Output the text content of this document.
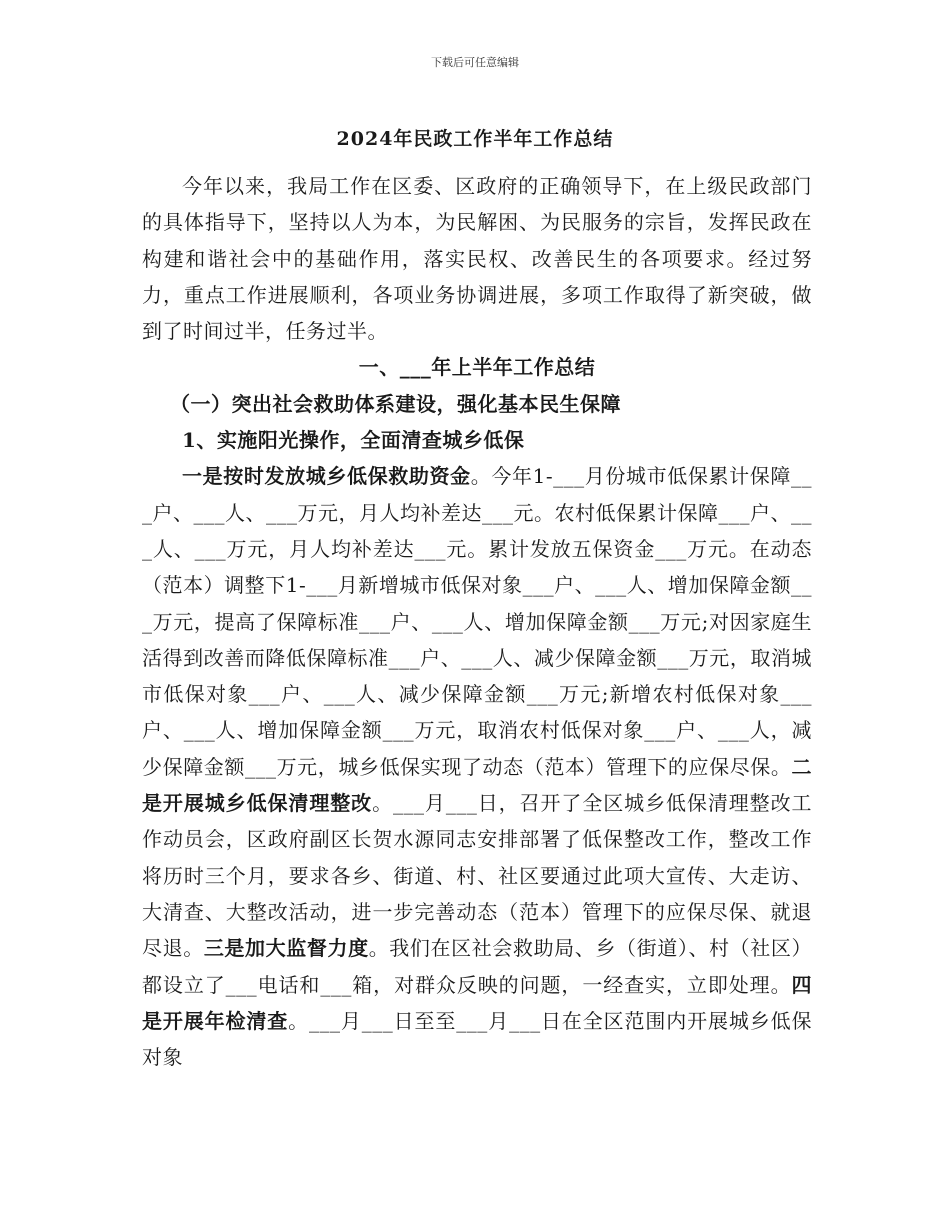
下载后可任意编辑
2024年民政工作半年工作总结

今年以来，我局工作在区委、区政府的正确领导下，在上级民政部门的具体指导下，坚持以人为本，为民解困、为民服务的宗旨，发挥民政在构建和谐社会中的基础作用，落实民权、改善民生的各项要求。经过努力，重点工作进展顺利，各项业务协调进展，多项工作取得了新突破，做到了时间过半，任务过半。

一、___年上半年工作总结

（一）突出社会救助体系建设，强化基本民生保障

1、实施阳光操作，全面清查城乡低保

一是按时发放城乡低保救助资金。今年1-___月份城市低保累计保障___户、___人、___万元，月人均补差达___元。农村低保累计保障___户、___人、___万元，月人均补差达___元。累计发放五保资金___万元。在动态（范本）调整下1-___月新增城市低保对象___户、___人、增加保障金额___万元，提高了保障标准___户、___人、增加保障金额___万元;对因家庭生活得到改善而降低保障标准___户、___人、减少保障金额___万元，取消城市低保对象___户、___人、减少保障金额___万元;新增农村低保对象___户、___人、增加保障金额___万元，取消农村低保对象___户、___人，减少保障金额___万元，城乡低保实现了动态（范本）管理下的应保尽保。二是开展城乡低保清理整改。___月___日，召开了全区城乡低保清理整改工作动员会，区政府副区长贺水源同志安排部署了低保整改工作，整改工作将历时三个月，要求各乡、街道、村、社区要通过此项大宣传、大走访、大清查、大整改活动，进一步完善动态（范本）管理下的应保尽保、就退尽退。三是加大监督力度。我们在区社会救助局、乡（街道）、村（社区）都设立了___电话和___箱，对群众反映的问题，一经查实，立即处理。四是开展年检清查。___月___日至至___月___日在全区范围内开展城乡低保对象
